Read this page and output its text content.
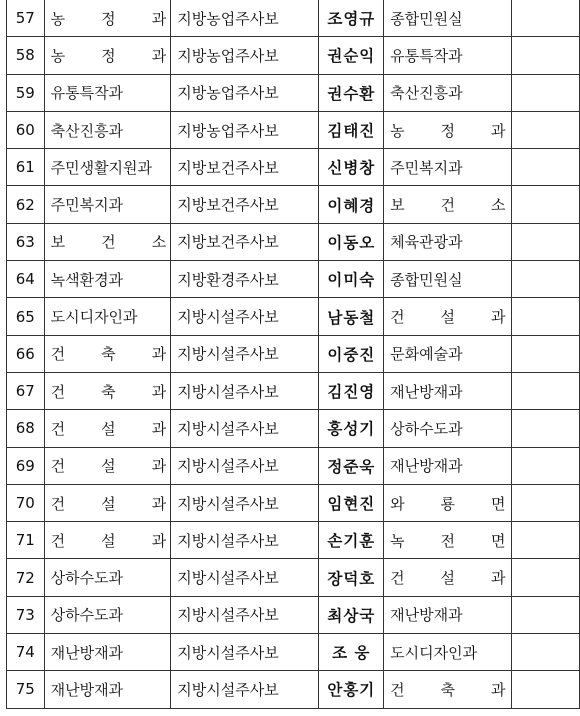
57	농 정 과	지방농업주사보	조영규	종합민원실	
58	농 정 과	지방농업주사보	권순익	유통특작과	
59	유통특작과	지방농업주사보	권수환	축산진흥과	
60	축산진흥과	지방농업주사보	김태진	농 정 과	
61	주민생활지원과	지방보건주사보	신병창	주민복지과	
62	주민복지과	지방보건주사보	이혜경	보 건 소	
63	보 건 소	지방보건주사보	이동오	체육관광과	
64	녹색환경과	지방환경주사보	이미숙	종합민원실	
65	도시디자인과	지방시설주사보	남동철	건 설 과	
66	건 축 과	지방시설주사보	이중진	문화예술과	
67	건 축 과	지방시설주사보	김진영	재난방재과	
68	건 설 과	지방시설주사보	홍성기	상하수도과	
69	건 설 과	지방시설주사보	정준욱	재난방재과	
70	건 설 과	지방시설주사보	임현진	와 룡 면	
71	건 설 과	지방시설주사보	손기훈	녹 전 면	
72	상하수도과	지방시설주사보	장덕호	건 설 과	
73	상하수도과	지방시설주사보	최상국	재난방재과	
74	재난방재과	지방시설주사보	조 웅	도시디자인과	
75	재난방재과	지방시설주사보	안홍기	건 축 과	
